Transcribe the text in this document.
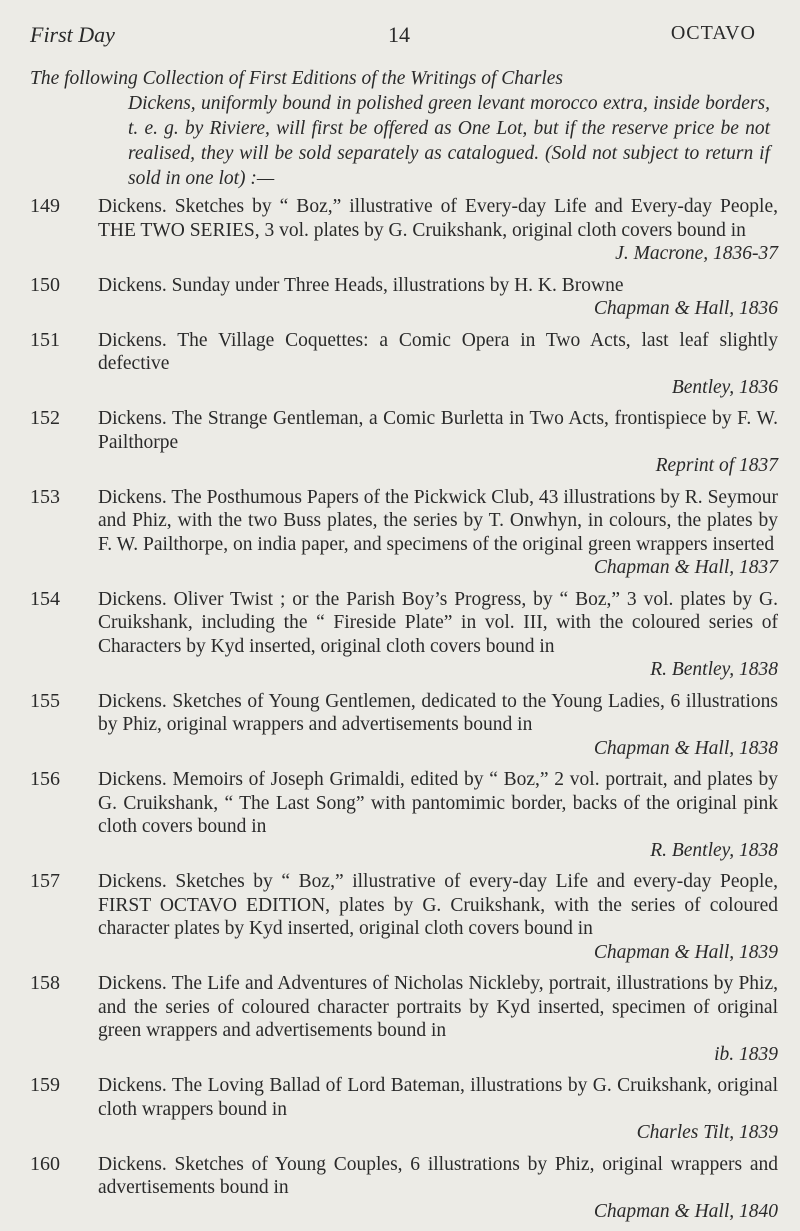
First Day	14	OCTAVO
The following Collection of First Editions of the Writings of Charles
Dickens, uniformly bound in polished green levant morocco extra, inside borders, t. e. g. by Riviere, will first be offered as One Lot, but if the reserve price be not realised, they will be sold separately as catalogued. (Sold not subject to return if sold in one lot) :—
149	Dickens. Sketches by “ Boz,” illustrative of Every-day Life and Every-day People, THE TWO SERIES, 3 vol. plates by G. Cruikshank, original cloth covers bound in
J. Macrone, 1836-37
150	Dickens. Sunday under Three Heads, illustrations by H. K. Browne
Chapman & Hall, 1836
151	Dickens. The Village Coquettes: a Comic Opera in Two Acts, last leaf slightly defective
Bentley, 1836
152	Dickens. The Strange Gentleman, a Comic Burletta in Two Acts, frontispiece by F. W. Pailthorpe
Reprint of 1837
153	Dickens. The Posthumous Papers of the Pickwick Club, 43 illustrations by R. Seymour and Phiz, with the two Buss plates, the series by T. Onwhyn, in colours, the plates by F. W. Pailthorpe, on india paper, and specimens of the original green wrappers inserted
Chapman & Hall, 1837
154	Dickens. Oliver Twist ; or the Parish Boy’s Progress, by “ Boz,” 3 vol. plates by G. Cruikshank, including the “ Fireside Plate” in vol. III, with the coloured series of Characters by Kyd inserted, original cloth covers bound in
R. Bentley, 1838
155	Dickens. Sketches of Young Gentlemen, dedicated to the Young Ladies, 6 illustrations by Phiz, original wrappers and advertisements bound in
Chapman & Hall, 1838
156	Dickens. Memoirs of Joseph Grimaldi, edited by “ Boz,” 2 vol. portrait, and plates by G. Cruikshank, “ The Last Song” with pantomimic border, backs of the original pink cloth covers bound in
R. Bentley, 1838
157	Dickens. Sketches by “ Boz,” illustrative of every-day Life and every-day People, FIRST OCTAVO EDITION, plates by G. Cruikshank, with the series of coloured character plates by Kyd inserted, original cloth covers bound in
Chapman & Hall, 1839
158	Dickens. The Life and Adventures of Nicholas Nickleby, portrait, illustrations by Phiz, and the series of coloured character portraits by Kyd inserted, specimen of original green wrappers and advertisements bound in
ib. 1839
159	Dickens. The Loving Ballad of Lord Bateman, illustrations by G. Cruikshank, original cloth wrappers bound in
Charles Tilt, 1839
160	Dickens. Sketches of Young Couples, 6 illustrations by Phiz, original wrappers and advertisements bound in
Chapman & Hall, 1840
